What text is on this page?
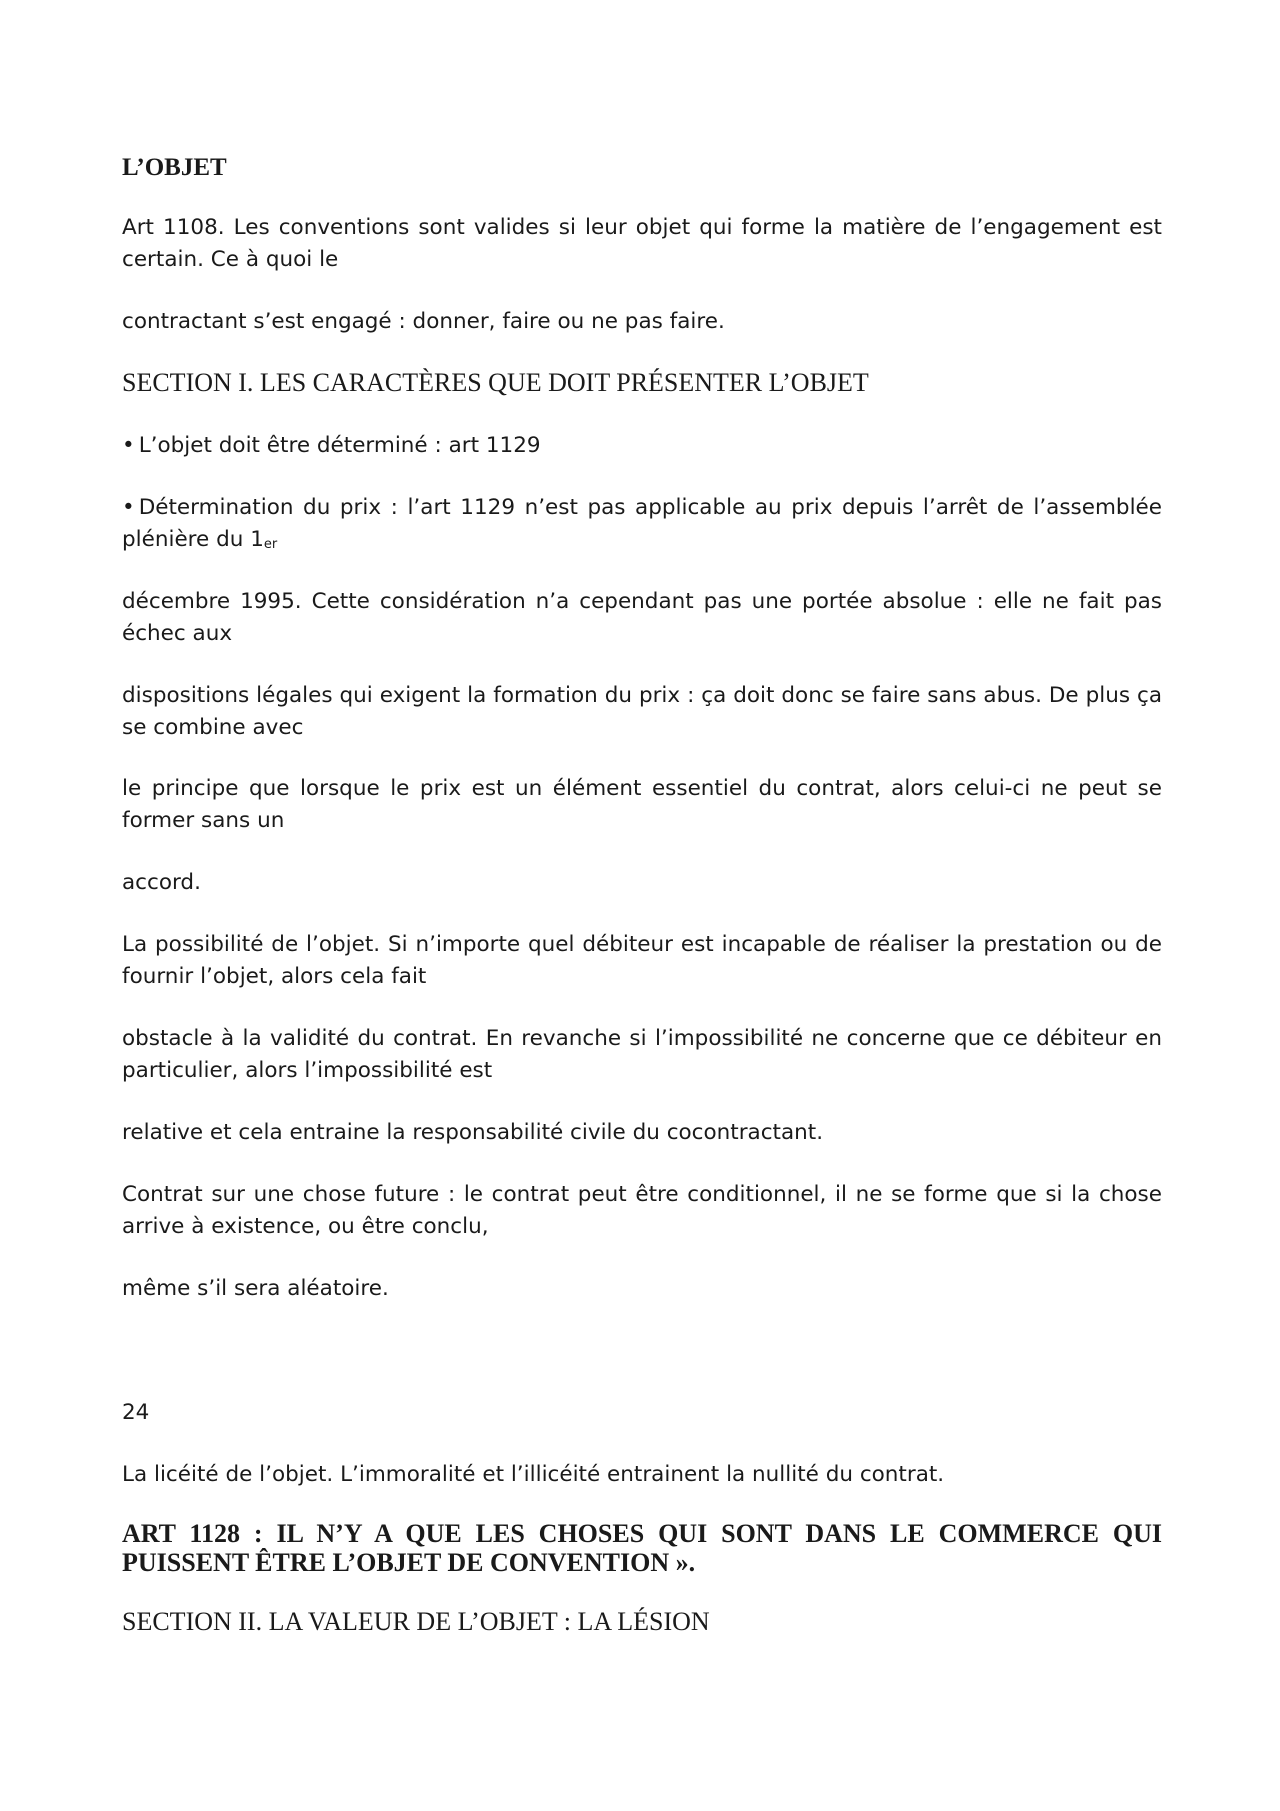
L’OBJET
Art 1108. Les conventions sont valides si leur objet qui forme la matière de l’engagement est certain. Ce à quoi le
contractant s’est engagé : donner, faire ou ne pas faire.
SECTION I. LES CARACTÈRES QUE DOIT PRÉSENTER L’OBJET
• L’objet doit être déterminé : art 1129
• Détermination du prix : l’art 1129 n’est pas applicable au prix depuis l’arrêt de l’assemblée plénière du 1er
décembre 1995. Cette considération n’a cependant pas une portée absolue : elle ne fait pas échec aux
dispositions légales qui exigent la formation du prix : ça doit donc se faire sans abus. De plus ça se combine avec
le principe que lorsque le prix est un élément essentiel du contrat, alors celui-ci ne peut se former sans un
accord.
La possibilité de l’objet. Si n’importe quel débiteur est incapable de réaliser la prestation ou de fournir l’objet, alors cela fait
obstacle à la validité du contrat. En revanche si l’impossibilité ne concerne que ce débiteur en particulier, alors l’impossibilité est
relative et cela entraine la responsabilité civile du cocontractant.
Contrat sur une chose future : le contrat peut être conditionnel, il ne se forme que si la chose arrive à existence, ou être conclu,
même s’il sera aléatoire.
24
La licéité de l’objet. L’immoralité et l’illicéité entrainent la nullité du contrat.
ART 1128 : IL N’Y A QUE LES CHOSES QUI SONT DANS LE COMMERCE QUI PUISSENT ÊTRE L’OBJET DE CONVENTION ».
SECTION II. LA VALEUR DE L’OBJET : LA LÉSION
